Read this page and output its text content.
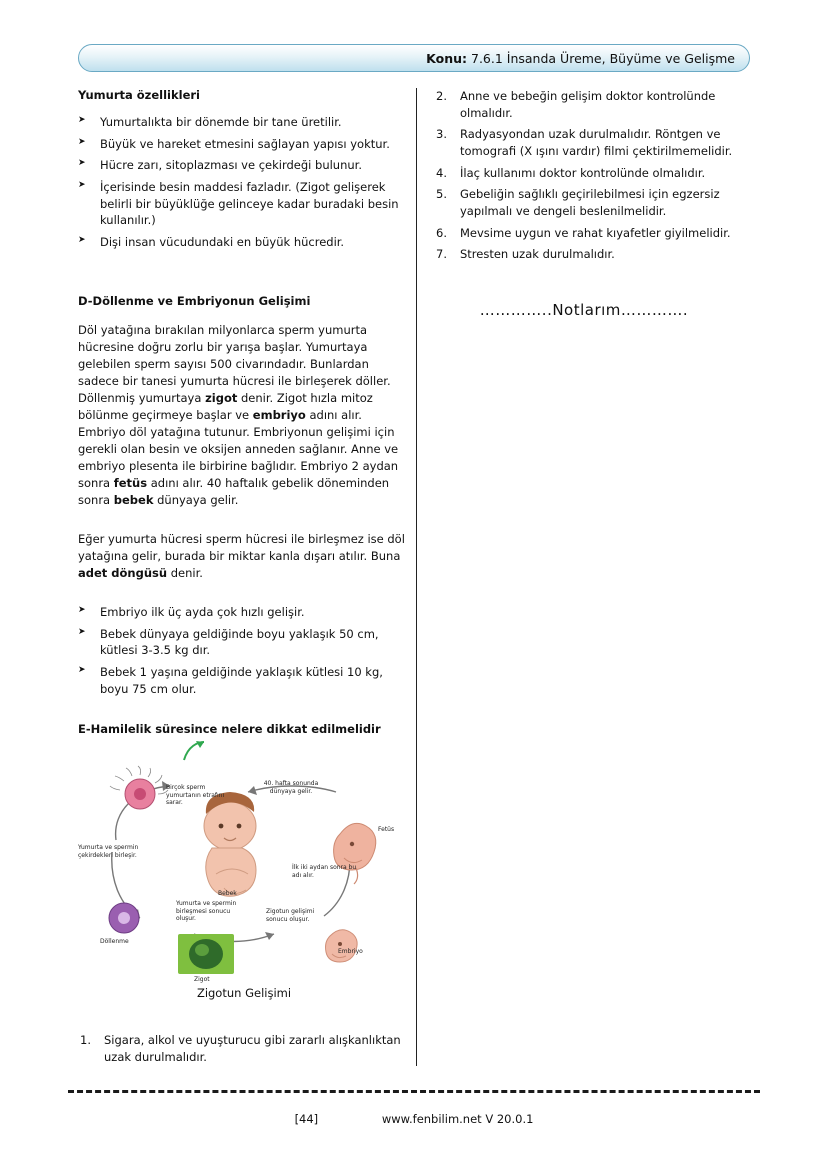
Konu: 7.6.1 İnsanda Üreme, Büyüme ve Gelişme
Yumurta özellikleri
➤ Yumurtalıkta bir dönemde bir tane üretilir.
➤ Büyük ve hareket etmesini sağlayan yapısı yoktur.
➤ Hücre zarı, sitoplazması ve çekirdeği bulunur.
➤ İçerisinde besin maddesi fazladır. (Zigot gelişerek belirli bir büyüklüğe gelinceye kadar buradaki besin kullanılır.)
➤ Dişi insan vücudundaki en büyük hücredir.
D-Döllenme ve Embriyonun Gelişimi

Döl yatağına bırakılan milyonlarca sperm yumurta hücresine doğru zorlu bir yarışa başlar. Yumurtaya gelebilen sperm sayısı 500 civarındadır. Bunlardan sadece bir tanesi yumurta hücresi ile birleşerek döller. Döllenmiş yumurtaya zigot denir. Zigot hızla mitoz bölünme geçirmeye başlar ve embriyo adını alır. Embriyo döl yatağına tutunur. Embriyonun gelişimi için gerekli olan besin ve oksijen anneden sağlanır. Anne ve embriyo plesenta ile birbirine bağlıdır. Embriyo 2 aydan sonra fetüs adını alır. 40 haftalık gebelik döneminden sonra bebek dünyaya gelir.

Eğer yumurta hücresi sperm hücresi ile birleşmez ise döl yatağına gelir, burada bir miktar kanla dışarı atılır. Buna adet döngüsü denir.

➤ Embriyo ilk üç ayda çok hızlı gelişir.
➤ Bebek dünyaya geldiğinde boyu yaklaşık 50 cm, kütlesi 3-3.5 kg dır.
➤ Bebek 1 yaşına geldiğinde yaklaşık kütlesi 10 kg, boyu 75 cm olur.
E-Hamilelik süresince nelere dikkat edilmelidir
Birçok sperm yumurtanın etrafını sarar.
40. hafta sonunda dünyaya gelir.
Fetüs
Yumurta ve spermin çekirdekleri birleşir.
İlk iki aydan sonra bu adı alır.
Bebek
Döllenme
Yumurta ve spermin birleşmesi sonucu oluşur.
Zigotun gelişimi sonucu oluşur.
Embriyo
Zigot
Zigotun Gelişimi
Sigara, alkol ve uyuşturucu gibi zararlı alışkanlıktan uzak durulmalıdır.
Anne ve bebeğin gelişim doktor kontrolünde olmalıdır.
Radyasyondan uzak durulmalıdır. Röntgen ve tomografi (X ışını vardır) filmi çektirilmemelidir.
İlaç kullanımı doktor kontrolünde olmalıdır.
Gebeliğin sağlıklı geçirilebilmesi için egzersiz yapılmalı ve dengeli beslenilmelidir.
Mevsime uygun ve rahat kıyafetler giyilmelidir.
Stresten uzak durulmalıdır.
…………..Notlarım………….
[44]	www.fenbilim.net V 20.0.1
